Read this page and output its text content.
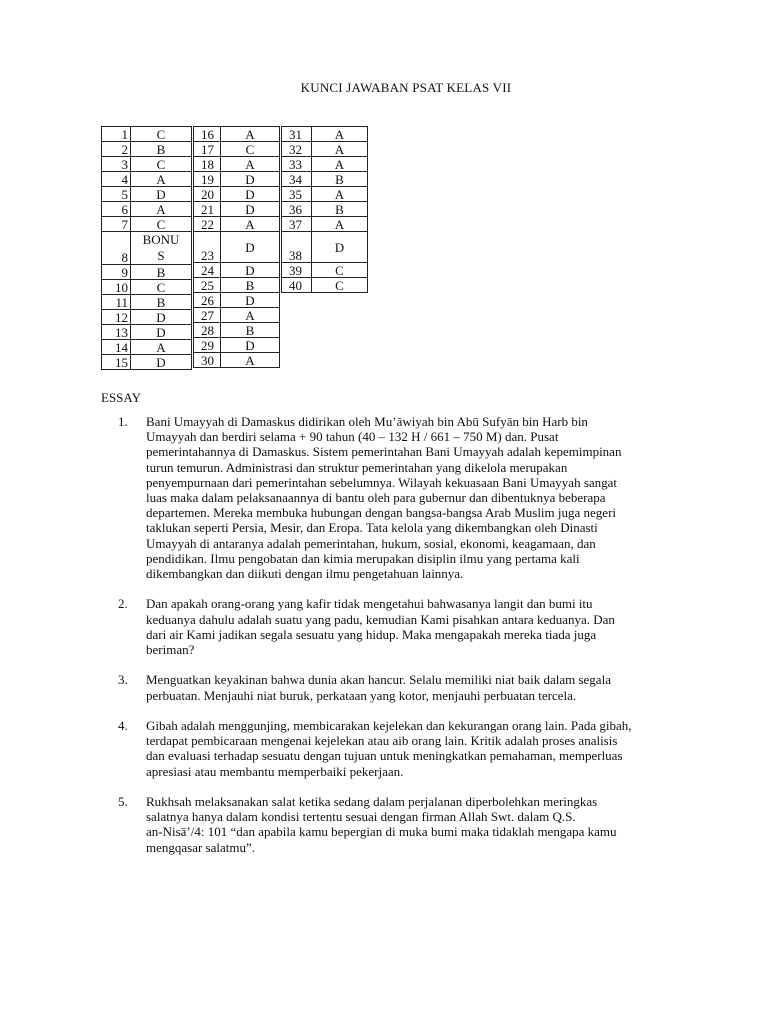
KUNCI JAWABAN PSAT KELAS VII
1	C
2	B
3	C
4	A
5	D
6	A
7	C
8	BONU
S
9	B
10	C
11	B
12	D
13	D
14	A
15	D
16	A
17	C
18	A
19	D
20	D
21	D
22	A
23	D
24	D
25	B
26	D
27	A
28	B
29	D
30	A
31	A
32	A
33	A
34	B
35	A
36	B
37	A
38	D
39	C
40	C
ESSAY
1. Bani Umayyah di Damaskus didirikan oleh Mu’āwiyah bin Abū Sufyān bin Harb bin
Umayyah dan berdiri selama + 90 tahun (40 – 132 H / 661 – 750 M) dan. Pusat
pemerintahannya di Damaskus. Sistem pemerintahan Bani Umayyah adalah kepemimpinan
turun temurun. Administrasi dan struktur pemerintahan yang dikelola merupakan
penyempurnaan dari pemerintahan sebelumnya. Wilayah kekuasaan Bani Umayyah sangat
luas maka dalam pelaksanaannya di bantu oleh para gubernur dan dibentuknya beberapa
departemen. Mereka membuka hubungan dengan bangsa-bangsa Arab Muslim juga negeri
taklukan seperti Persia, Mesir, dan Eropa. Tata kelola yang dikembangkan oleh Dinasti
Umayyah di antaranya adalah pemerintahan, hukum, sosial, ekonomi, keagamaan, dan
pendidikan. Ilmu pengobatan dan kimia merupakan disiplin ilmu yang pertama kali
dikembangkan dan diikuti dengan ilmu pengetahuan lainnya.

2. Dan apakah orang-orang yang kafir tidak mengetahui bahwasanya langit dan bumi itu
keduanya dahulu adalah suatu yang padu, kemudian Kami pisahkan antara keduanya. Dan
dari air Kami jadikan segala sesuatu yang hidup. Maka mengapakah mereka tiada juga
beriman?

3. Menguatkan keyakinan bahwa dunia akan hancur. Selalu memiliki niat baik dalam segala
perbuatan. Menjauhi niat buruk, perkataan yang kotor, menjauhi perbuatan tercela.

4. Gibah adalah menggunjing, membicarakan kejelekan dan kekurangan orang lain. Pada gibah,
terdapat pembicaraan mengenai kejelekan atau aib orang lain. Kritik adalah proses analisis
dan evaluasi terhadap sesuatu dengan tujuan untuk meningkatkan pemahaman, memperluas
apresiasi atau membantu memperbaiki pekerjaan.

5. Rukhsah melaksanakan salat ketika sedang dalam perjalanan diperbolehkan meringkas
salatnya hanya dalam kondisi tertentu sesuai dengan firman Allah Swt. dalam Q.S.
an-Nisā’/4: 101 “dan apabila kamu bepergian di muka bumi maka tidaklah mengapa kamu
mengqasar salatmu”.
